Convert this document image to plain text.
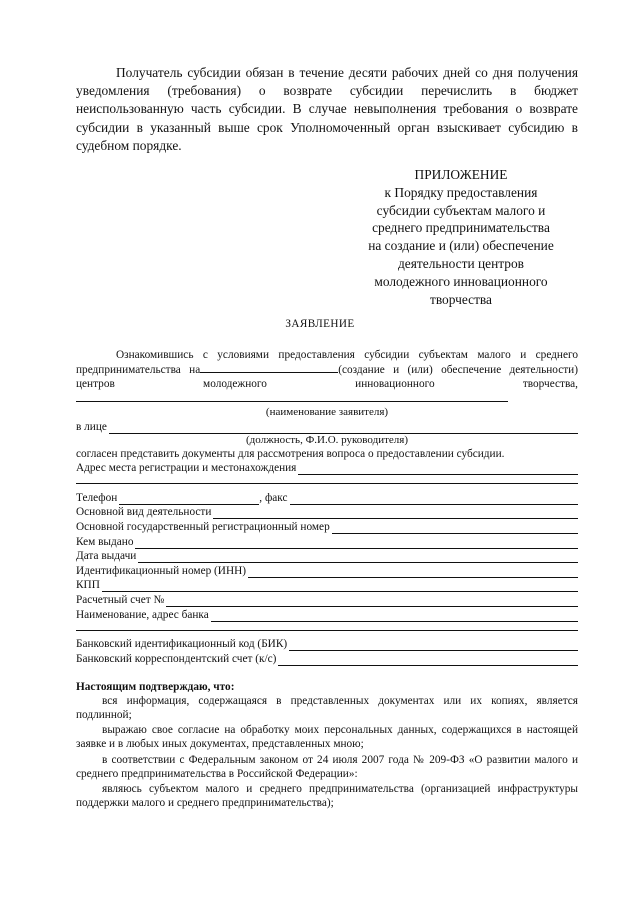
Получатель субсидии обязан в течение десяти рабочих дней со дня получения уведомления (требования) о возврате субсидии перечислить в бюджет неиспользованную часть субсидии. В случае невыполнения требования о возврате субсидии в указанный выше срок Уполномоченный орган взыскивает субсидию в судебном порядке.
ПРИЛОЖЕНИЕ
к Порядку предоставления
субсидии субъектам малого и
среднего предпринимательства
на создание и (или) обеспечение
деятельности центров
молодежного инновационного
творчества
ЗАЯВЛЕНИЕ
Ознакомившись с условиями предоставления субсидии субъектам малого и среднего предпринимательства на	(создание и (или) обеспечение деятельности) центров молодежного инновационного творчества,
(наименование заявителя)
в лице
(должность, Ф.И.О. руководителя)
согласен представить документы для рассмотрения вопроса о предоставлении субсидии.
Адрес места регистрации и местонахождения
Телефон	, факс
Основной вид деятельности
Основной государственный регистрационный номер
Кем выдано
Дата выдачи
Идентификационный номер (ИНН)
КПП
Расчетный счет №
Наименование, адрес банка
Банковский идентификационный код (БИК)
Банковский корреспондентский счет (к/с)
Настоящим подтверждаю, что:
вся информация, содержащаяся в представленных документах или их копиях, является подлинной;
выражаю свое согласие на обработку моих персональных данных, содержащихся в настоящей заявке и в любых иных документах, представленных мною;
в соответствии с Федеральным законом от 24 июля 2007 года № 209-ФЗ «О развитии малого и среднего предпринимательства в Российской Федерации»:
являюсь субъектом малого и среднего предпринимательства (организацией инфраструктуры поддержки малого и среднего предпринимательства);
